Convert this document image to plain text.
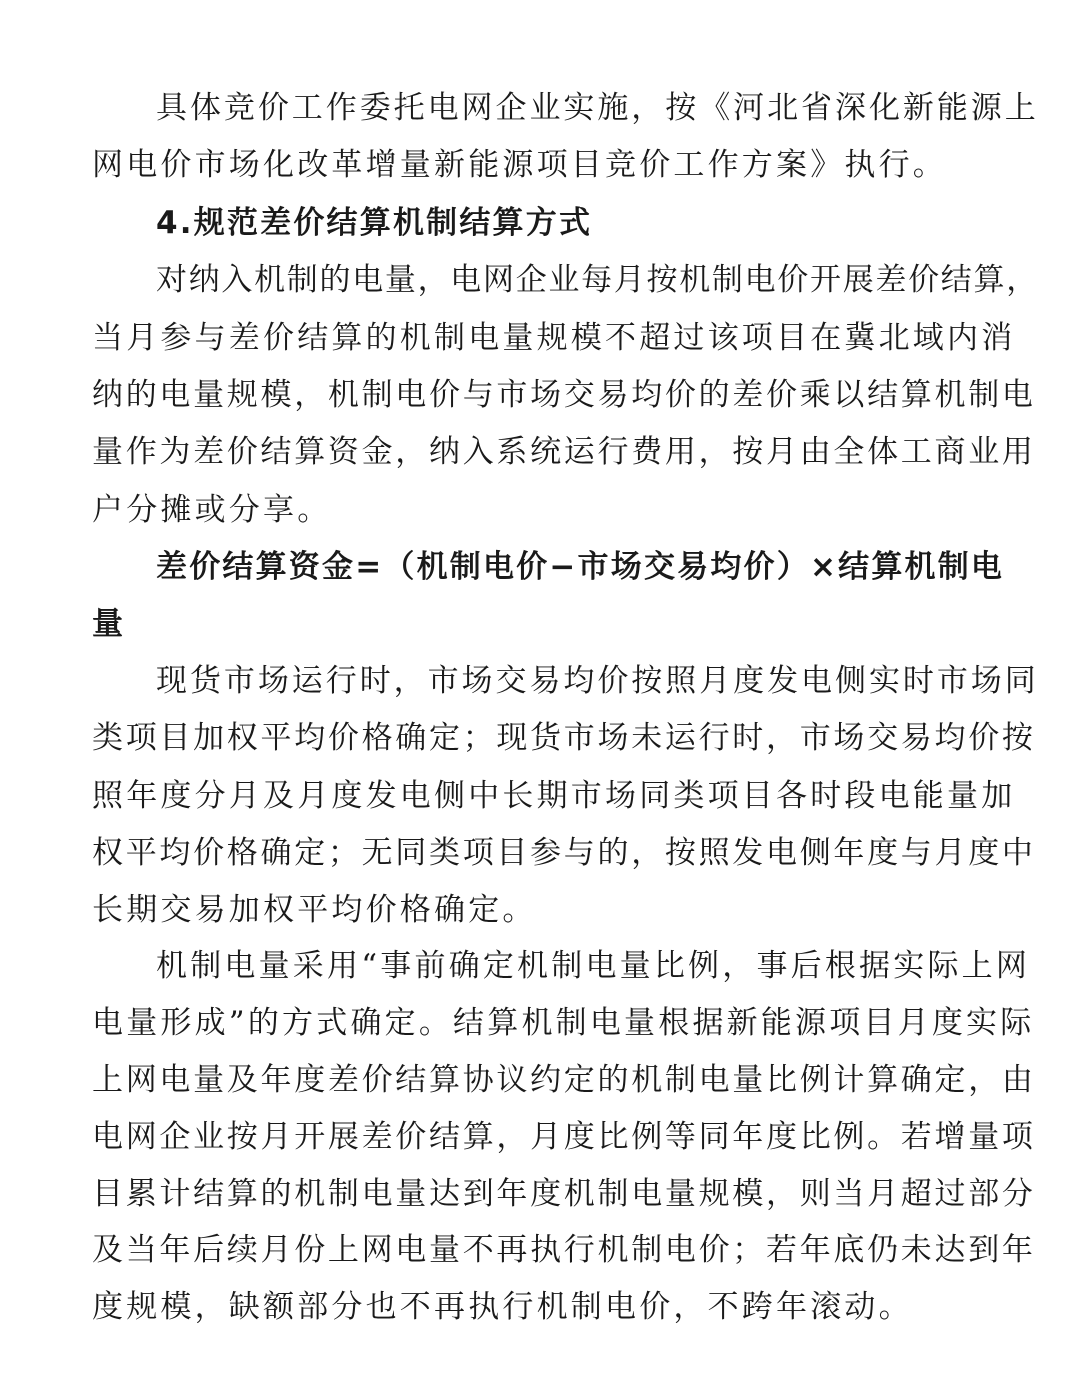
具体竞价工作委托电网企业实施，按《河北省深化新能源上
网电价市场化改革增量新能源项目竞价工作方案》执行。
4.规范差价结算机制结算方式
对纳入机制的电量，电网企业每月按机制电价开展差价结算，
当月参与差价结算的机制电量规模不超过该项目在冀北域内消
纳的电量规模，机制电价与市场交易均价的差价乘以结算机制电
量作为差价结算资金，纳入系统运行费用，按月由全体工商业用
户分摊或分享。
差价结算资金=（机制电价−市场交易均价）×结算机制电
量
现货市场运行时，市场交易均价按照月度发电侧实时市场同
类项目加权平均价格确定；现货市场未运行时，市场交易均价按
照年度分月及月度发电侧中长期市场同类项目各时段电能量加
权平均价格确定；无同类项目参与的，按照发电侧年度与月度中
长期交易加权平均价格确定。
机制电量采用“事前确定机制电量比例，事后根据实际上网
电量形成”的方式确定。结算机制电量根据新能源项目月度实际
上网电量及年度差价结算协议约定的机制电量比例计算确定，由
电网企业按月开展差价结算，月度比例等同年度比例。若增量项
目累计结算的机制电量达到年度机制电量规模，则当月超过部分
及当年后续月份上网电量不再执行机制电价；若年底仍未达到年
度规模，缺额部分也不再执行机制电价，不跨年滚动。
